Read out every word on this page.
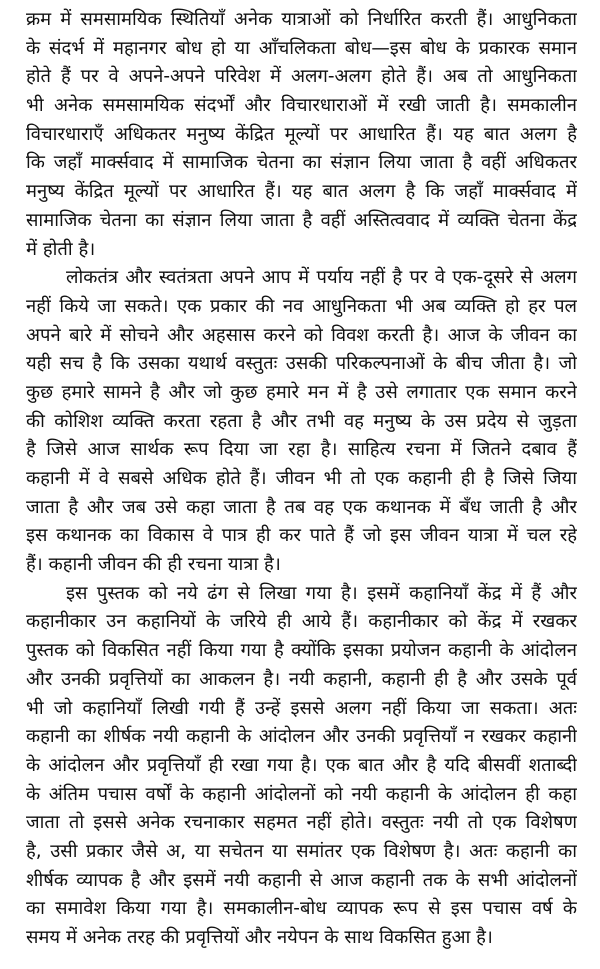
क्रम में समसामयिक स्थितियाँ अनेक यात्राओं को निर्धारित करती हैं। आधुनिकता
के संदर्भ में महानगर बोध हो या आँचलिकता बोध—इस बोध के प्रकारक समान
होते हैं पर वे अपने-अपने परिवेश में अलग-अलग होते हैं। अब तो आधुनिकता
भी अनेक समसामयिक संदर्भों और विचारधाराओं में रखी जाती है। समकालीन
विचारधाराएँ अधिकतर मनुष्य केंद्रित मूल्यों पर आधारित हैं। यह बात अलग है
कि जहाँ मार्क्सवाद में सामाजिक चेतना का संज्ञान लिया जाता है वहीं अधिकतर
मनुष्य केंद्रित मूल्यों पर आधारित हैं। यह बात अलग है कि जहाँ मार्क्सवाद में
सामाजिक चेतना का संज्ञान लिया जाता है वहीं अस्तित्ववाद में व्यक्ति चेतना केंद्र
में होती है।
लोकतंत्र और स्वतंत्रता अपने आप में पर्याय नहीं है पर वे एक-दूसरे से अलग
नहीं किये जा सकते। एक प्रकार की नव आधुनिकता भी अब व्यक्ति हो हर पल
अपने बारे में सोचने और अहसास करने को विवश करती है। आज के जीवन का
यही सच है कि उसका यथार्थ वस्तुतः उसकी परिकल्पनाओं के बीच जीता है। जो
कुछ हमारे सामने है और जो कुछ हमारे मन में है उसे लगातार एक समान करने
की कोशिश व्यक्ति करता रहता है और तभी वह मनुष्य के उस प्रदेय से जुड़ता
है जिसे आज सार्थक रूप दिया जा रहा है। साहित्य रचना में जितने दबाव हैं
कहानी में वे सबसे अधिक होते हैं। जीवन भी तो एक कहानी ही है जिसे जिया
जाता है और जब उसे कहा जाता है तब वह एक कथानक में बँध जाती है और
इस कथानक का विकास वे पात्र ही कर पाते हैं जो इस जीवन यात्रा में चल रहे
हैं। कहानी जीवन की ही रचना यात्रा है।
इस पुस्तक को नये ढंग से लिखा गया है। इसमें कहानियाँ केंद्र में हैं और
कहानीकार उन कहानियों के जरिये ही आये हैं। कहानीकार को केंद्र में रखकर
पुस्तक को विकसित नहीं किया गया है क्योंकि इसका प्रयोजन कहानी के आंदोलन
और उनकी प्रवृत्तियों का आकलन है। नयी कहानी, कहानी ही है और उसके पूर्व
भी जो कहानियाँ लिखी गयी हैं उन्हें इससे अलग नहीं किया जा सकता। अतः
कहानी का शीर्षक नयी कहानी के आंदोलन और उनकी प्रवृत्तियाँ न रखकर कहानी
के आंदोलन और प्रवृत्तियाँ ही रखा गया है। एक बात और है यदि बीसवीं शताब्दी
के अंतिम पचास वर्षों के कहानी आंदोलनों को नयी कहानी के आंदोलन ही कहा
जाता तो इससे अनेक रचनाकार सहमत नहीं होते। वस्तुतः नयी तो एक विशेषण
है, उसी प्रकार जैसे अ, या सचेतन या समांतर एक विशेषण है। अतः कहानी का
शीर्षक व्यापक है और इसमें नयी कहानी से आज कहानी तक के सभी आंदोलनों
का समावेश किया गया है। समकालीन-बोध व्यापक रूप से इस पचास वर्ष के
समय में अनेक तरह की प्रवृत्तियों और नयेपन के साथ विकसित हुआ है।
